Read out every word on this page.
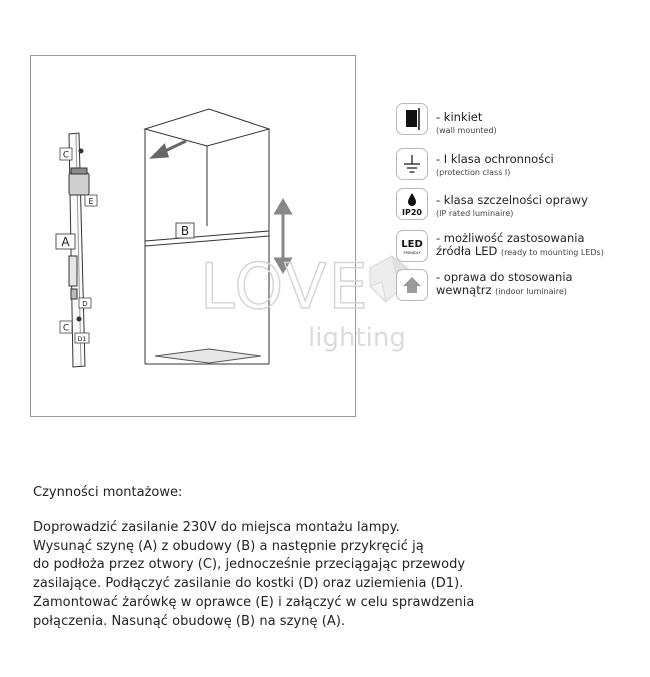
C
E
A
D
C
D1
B
LOVE
lighting
- kinkiet
(wall mounted)
- I klasa ochronności
(protection class I)
IP20
- klasa szczelności oprawy
(IP rated luminaire)
LED
FRIENDLY
- możliwość zastosowania
źródła LED (ready to mounting LEDs)
- oprawa do stosowania
wewnątrz (indoor luminaire)
Czynności montażowe:
Doprowadzić zasilanie 230V do miejsca montażu lampy.
Wysunąć szynę (A) z obudowy (B) a następnie przykręcić ją
do podłoża przez otwory (C), jednocześnie przeciągając przewody
zasilające. Podłączyć zasilanie do kostki (D) oraz uziemienia (D1).
Zamontować żarówkę w oprawce (E) i załączyć w celu sprawdzenia
połączenia. Nasunąć obudowę (B) na szynę (A).
